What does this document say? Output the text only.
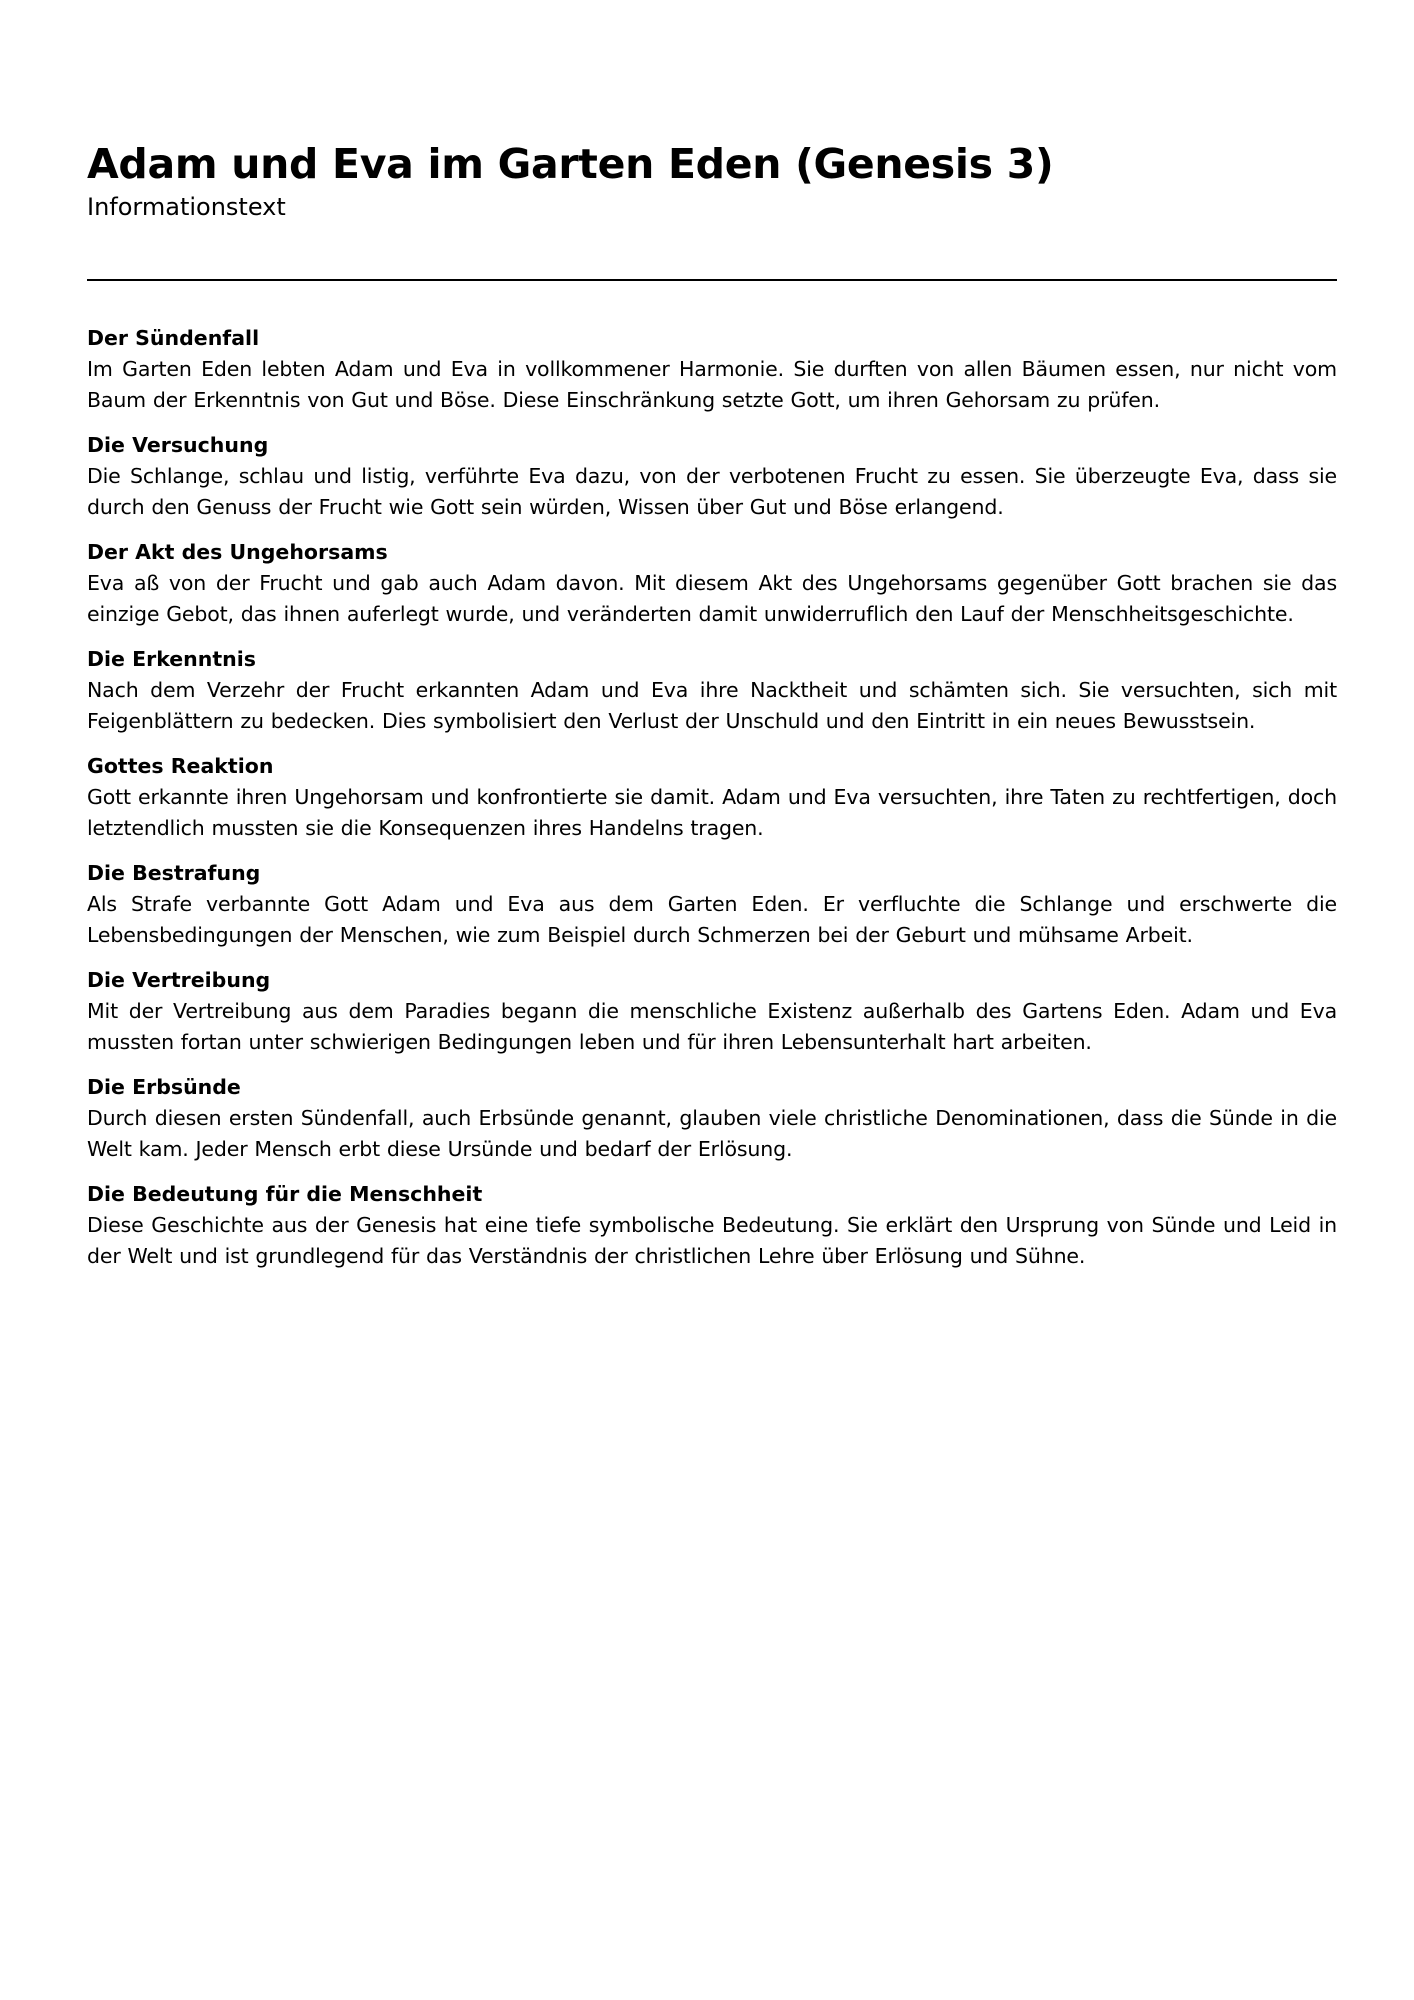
Adam und Eva im Garten Eden (Genesis 3)
Informationstext
Der Sündenfall

Im Garten Eden lebten Adam und Eva in vollkommener Harmonie. Sie durften von allen Bäumen essen, nur nicht vom Baum der Erkenntnis von Gut und Böse. Diese Einschränkung setzte Gott, um ihren Gehorsam zu prüfen.

Die Versuchung

Die Schlange, schlau und listig, verführte Eva dazu, von der verbotenen Frucht zu essen. Sie überzeugte Eva, dass sie durch den Genuss der Frucht wie Gott sein würden, Wissen über Gut und Böse erlangend.

Der Akt des Ungehorsams

Eva aß von der Frucht und gab auch Adam davon. Mit diesem Akt des Ungehorsams gegenüber Gott brachen sie das einzige Gebot, das ihnen auferlegt wurde, und veränderten damit unwiderruflich den Lauf der Menschheitsgeschichte.

Die Erkenntnis

Nach dem Verzehr der Frucht erkannten Adam und Eva ihre Nacktheit und schämten sich. Sie versuchten, sich mit Feigenblättern zu bedecken. Dies symbolisiert den Verlust der Unschuld und den Eintritt in ein neues Bewusstsein.

Gottes Reaktion

Gott erkannte ihren Ungehorsam und konfrontierte sie damit. Adam und Eva versuchten, ihre Taten zu rechtfertigen, doch letztendlich mussten sie die Konsequenzen ihres Handelns tragen.

Die Bestrafung

Als Strafe verbannte Gott Adam und Eva aus dem Garten Eden. Er verfluchte die Schlange und erschwerte die Lebensbedingungen der Menschen, wie zum Beispiel durch Schmerzen bei der Geburt und mühsame Arbeit.

Die Vertreibung

Mit der Vertreibung aus dem Paradies begann die menschliche Existenz außerhalb des Gartens Eden. Adam und Eva mussten fortan unter schwierigen Bedingungen leben und für ihren Lebensunterhalt hart arbeiten.

Die Erbsünde

Durch diesen ersten Sündenfall, auch Erbsünde genannt, glauben viele christliche Denominationen, dass die Sünde in die Welt kam. Jeder Mensch erbt diese Ursünde und bedarf der Erlösung.

Die Bedeutung für die Menschheit

Diese Geschichte aus der Genesis hat eine tiefe symbolische Bedeutung. Sie erklärt den Ursprung von Sünde und Leid in der Welt und ist grundlegend für das Verständnis der christlichen Lehre über Erlösung und Sühne.
